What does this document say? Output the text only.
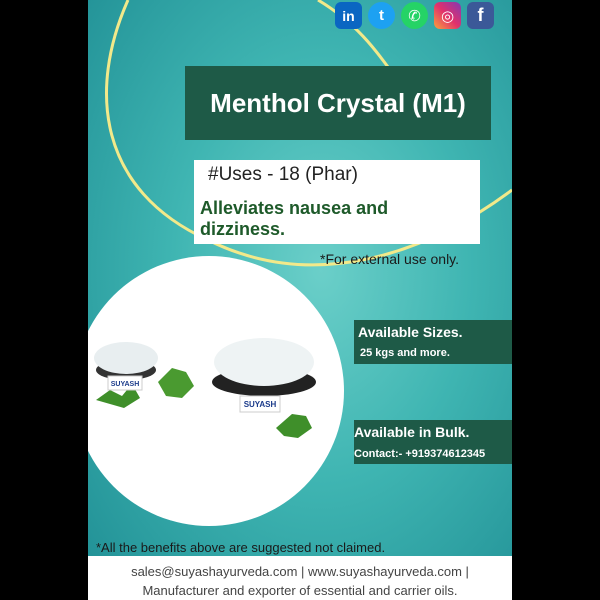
in	t	✆	◎	f
Menthol Crystal (M1)
#Uses - 18 (Phar)
Alleviates nausea and dizziness.
*For external use only.
SUYASH
SUYASH
Available Sizes.
25 kgs and more.
Available in Bulk.
Contact:- +919374612345
*All the benefits above are suggested not claimed.
sales@suyashayurveda.com | www.suyashayurveda.com |
Manufacturer and exporter of essential and carrier oils.
